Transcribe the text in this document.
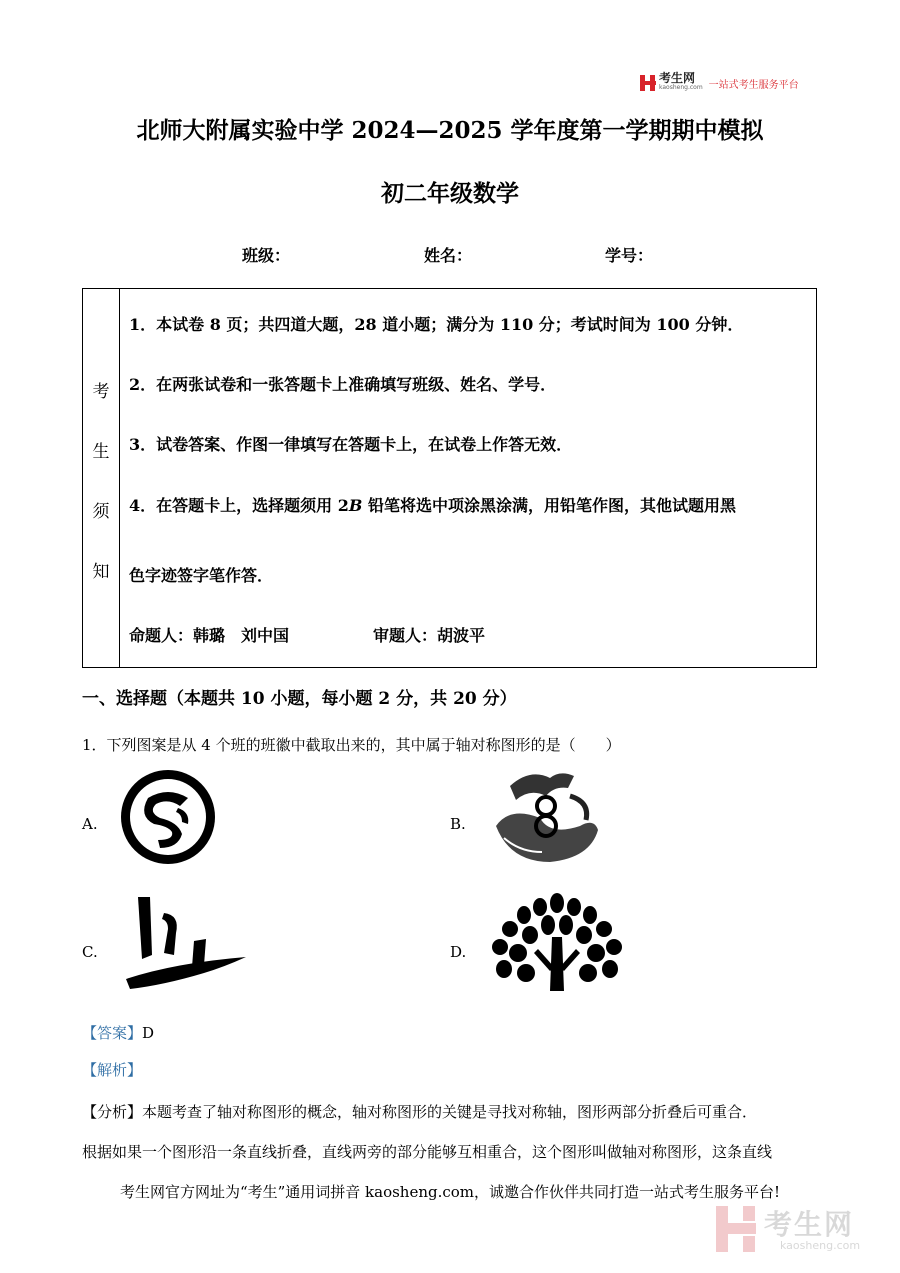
考生网
kaosheng.com 一站式考生服务平台
北师大附属实验中学 2024—2025 学年度第一学期期中模拟
初二年级数学
班级：	姓名：	学号：
考
生
须
知
1．本试卷 8 页；共四道大题，28 道小题；满分为 110 分；考试时间为 100 分钟．
2．在两张试卷和一张答题卡上准确填写班级、姓名、学号．
3．试卷答案、作图一律填写在答题卡上，在试卷上作答无效．
4．在答题卡上，选择题须用 2B 铅笔将选中项涂黑涂满，用铅笔作图，其他试题用黑
色字迹签字笔作答．
命题人：韩璐　刘中国	审题人：胡波平
一、选择题（本题共 10 小题，每小题 2 分，共 20 分）
1．下列图案是从 4 个班的班徽中截取出来的，其中属于轴对称图形的是（　　）
A.	B.
C.	D.
【答案】D
【解析】
【分析】本题考查了轴对称图形的概念，轴对称图形的关键是寻找对称轴，图形两部分折叠后可重合．
根据如果一个图形沿一条直线折叠，直线两旁的部分能够互相重合，这个图形叫做轴对称图形，这条直线
考生网官方网址为“考生”通用词拼音 kaosheng.com，诚邀合作伙伴共同打造一站式考生服务平台!
考生网
kaosheng.com
